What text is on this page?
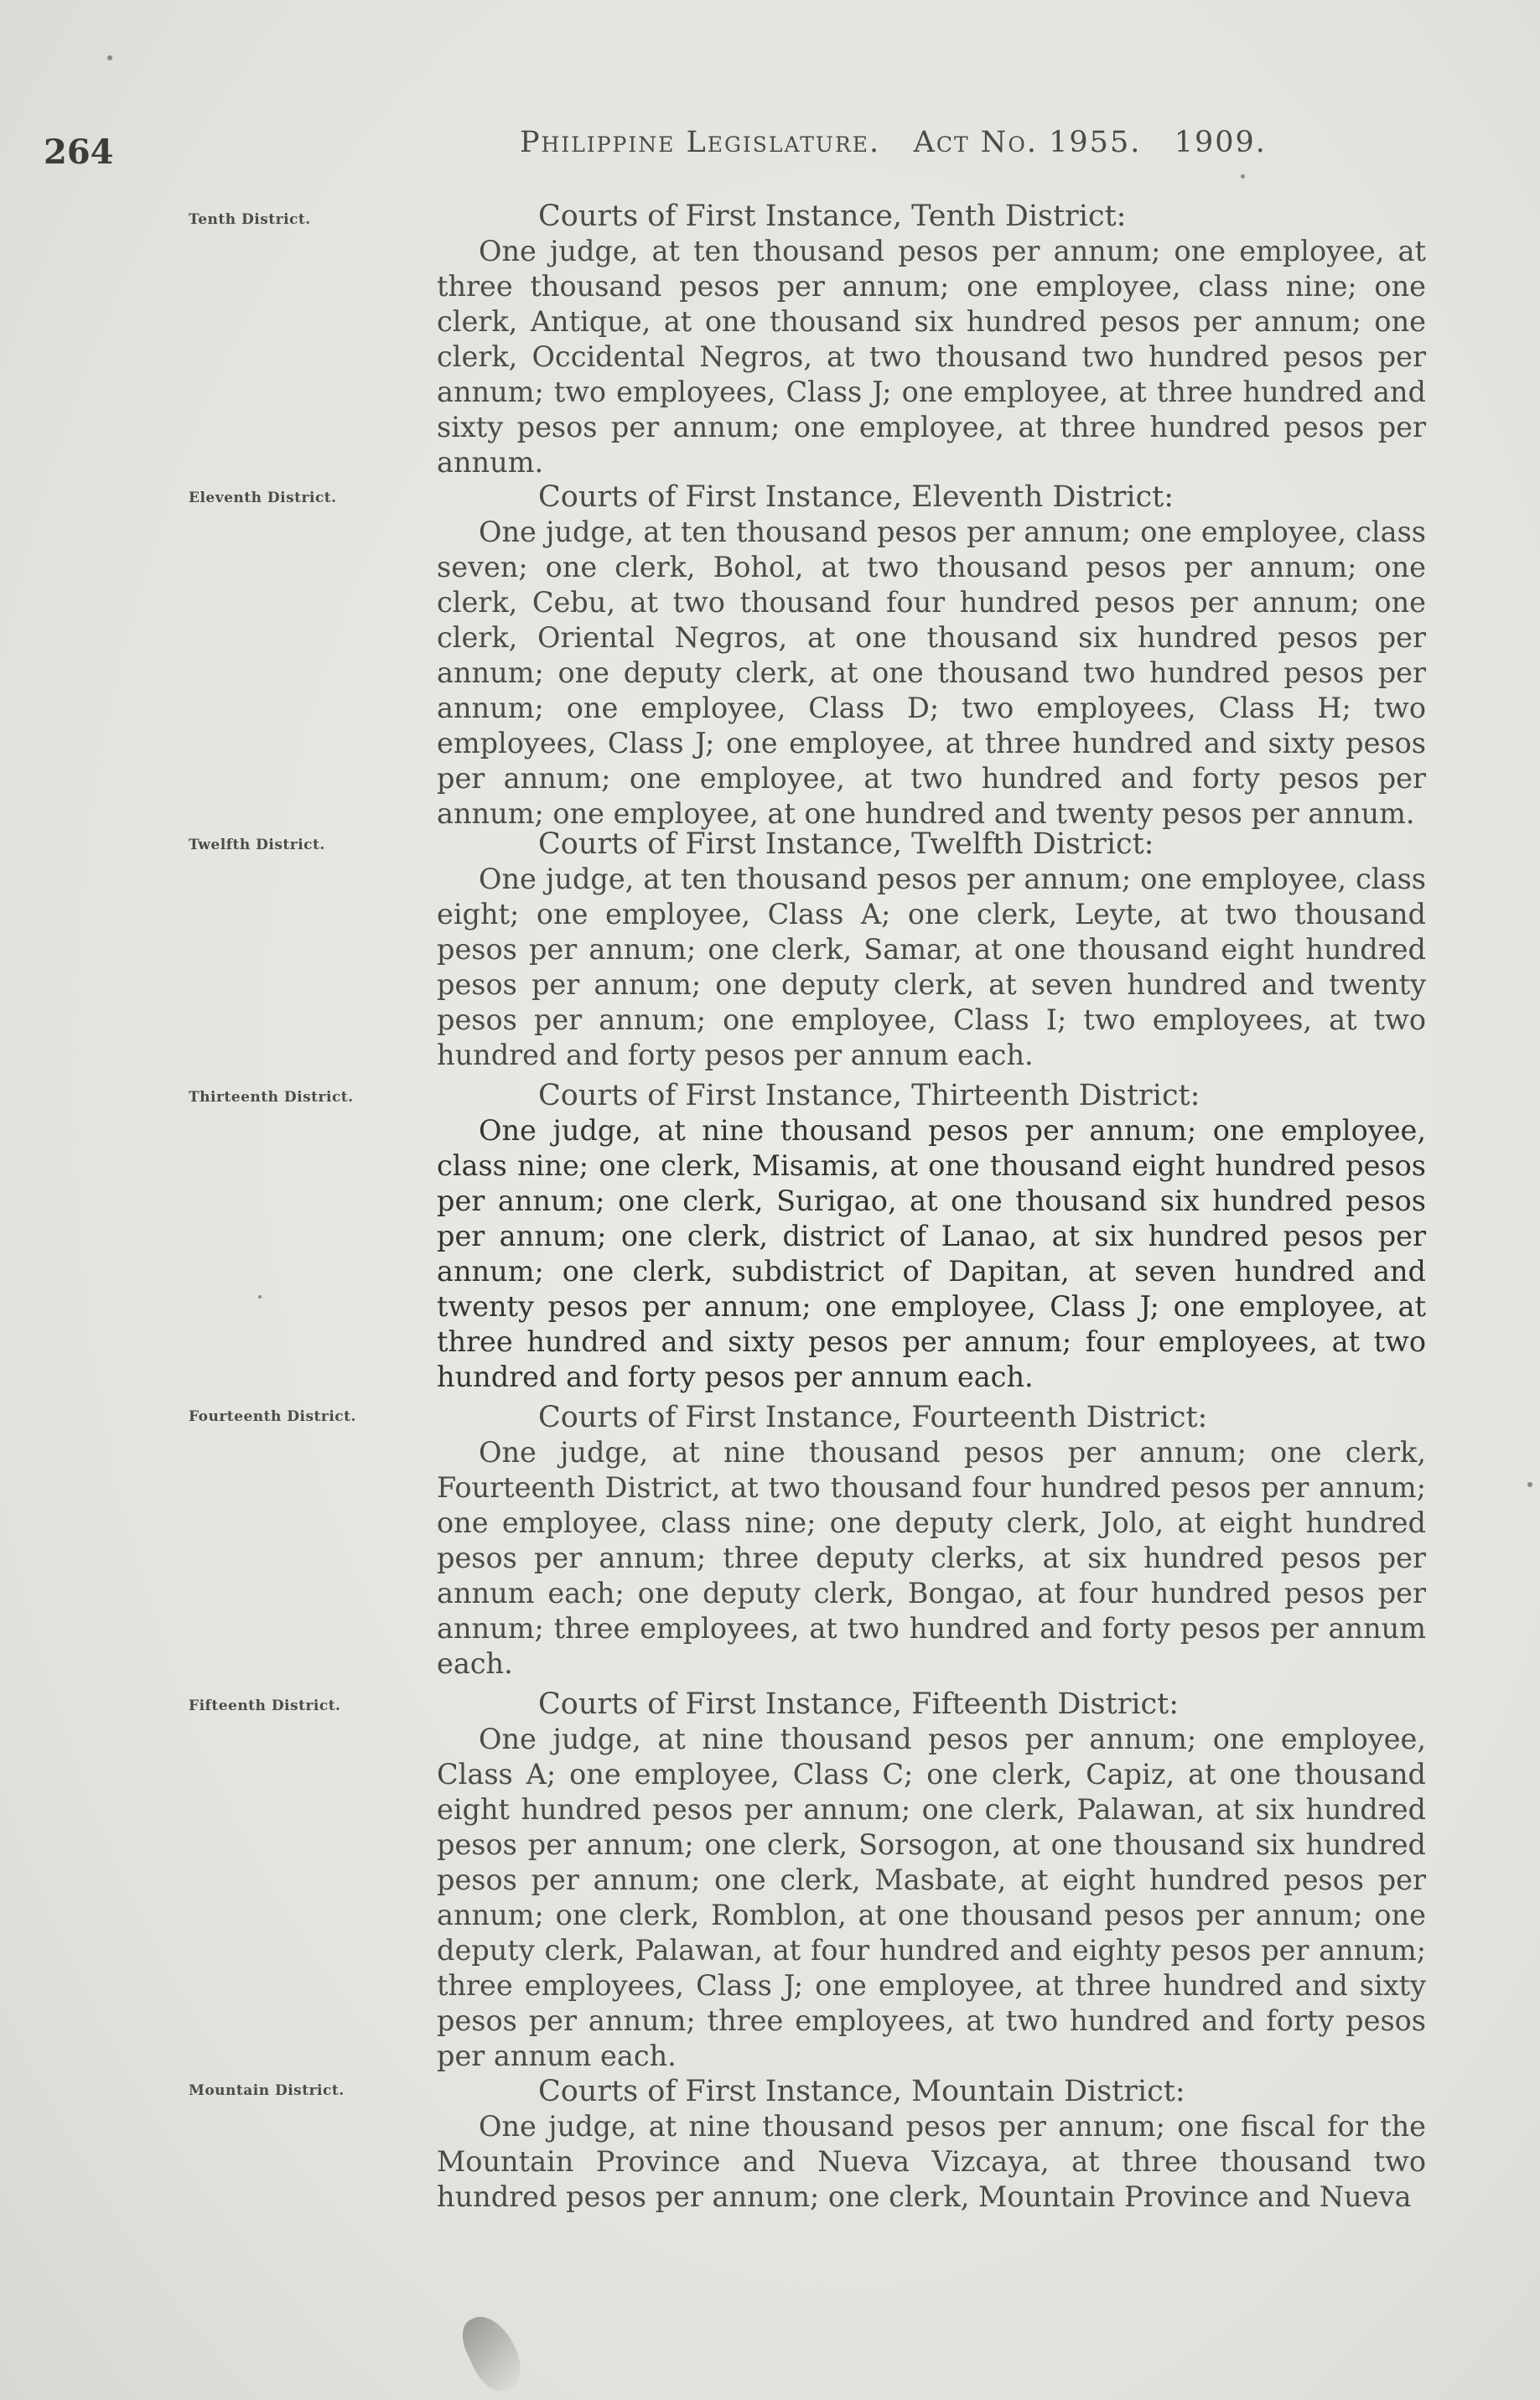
264	Philippine Legislature. Act No. 1955. 1909.
Tenth District.	Courts of First Instance, Tenth District:
One judge, at ten thousand pesos per annum; one employee, at three thousand pesos per annum; one employee, class nine; one clerk, Antique, at one thousand six hundred pesos per annum; one clerk, Occidental Negros, at two thousand two hundred pesos per annum; two employees, Class J; one employee, at three hundred and sixty pesos per annum; one employee, at three hundred pesos per annum.
Eleventh District.	Courts of First Instance, Eleventh District:
One judge, at ten thousand pesos per annum; one employee, class seven; one clerk, Bohol, at two thousand pesos per annum; one clerk, Cebu, at two thousand four hundred pesos per annum; one clerk, Oriental Negros, at one thousand six hundred pesos per annum; one deputy clerk, at one thousand two hundred pesos per annum; one employee, Class D; two employees, Class H; two employees, Class J; one employee, at three hundred and sixty pesos per annum; one employee, at two hundred and forty pesos per annum; one employee, at one hundred and twenty pesos per annum.
Twelfth District.	Courts of First Instance, Twelfth District:
One judge, at ten thousand pesos per annum; one employee, class eight; one employee, Class A; one clerk, Leyte, at two thousand pesos per annum; one clerk, Samar, at one thousand eight hundred pesos per annum; one deputy clerk, at seven hundred and twenty pesos per annum; one employee, Class I; two employees, at two hundred and forty pesos per annum each.
Thirteenth District.	Courts of First Instance, Thirteenth District:
One judge, at nine thousand pesos per annum; one employee, class nine; one clerk, Misamis, at one thousand eight hundred pesos per annum; one clerk, Surigao, at one thousand six hundred pesos per annum; one clerk, district of Lanao, at six hundred pesos per annum; one clerk, subdistrict of Dapitan, at seven hundred and twenty pesos per annum; one employee, Class J; one employee, at three hundred and sixty pesos per annum; four employees, at two hundred and forty pesos per annum each.
Fourteenth District.	Courts of First Instance, Fourteenth District:
One judge, at nine thousand pesos per annum; one clerk, Fourteenth District, at two thousand four hundred pesos per annum; one employee, class nine; one deputy clerk, Jolo, at eight hundred pesos per annum; three deputy clerks, at six hundred pesos per annum each; one deputy clerk, Bongao, at four hundred pesos per annum; three employees, at two hundred and forty pesos per annum each.
Fifteenth District.	Courts of First Instance, Fifteenth District:
One judge, at nine thousand pesos per annum; one employee, Class A; one employee, Class C; one clerk, Capiz, at one thousand eight hundred pesos per annum; one clerk, Palawan, at six hundred pesos per annum; one clerk, Sorsogon, at one thousand six hundred pesos per annum; one clerk, Masbate, at eight hundred pesos per annum; one clerk, Romblon, at one thousand pesos per annum; one deputy clerk, Palawan, at four hundred and eighty pesos per annum; three employees, Class J; one employee, at three hundred and sixty pesos per annum; three employees, at two hundred and forty pesos per annum each.
Mountain District.	Courts of First Instance, Mountain District:
One judge, at nine thousand pesos per annum; one fiscal for the Mountain Province and Nueva Vizcaya, at three thousand two hundred pesos per annum; one clerk, Mountain Province and Nueva
